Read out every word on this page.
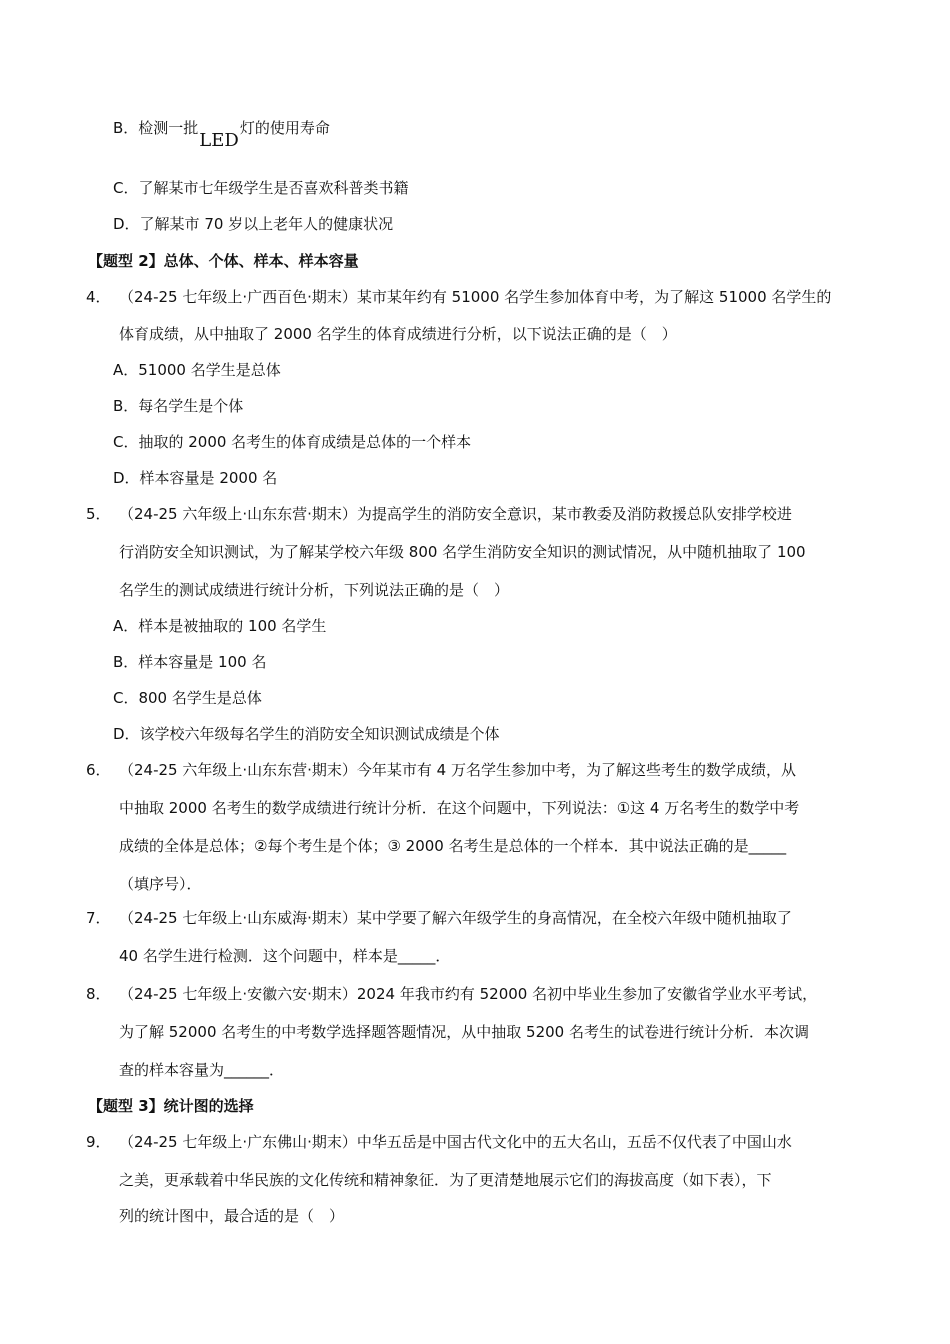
B．检测一批LED灯的使用寿命
C．了解某市七年级学生是否喜欢科普类书籍
D．了解某市 70 岁以上老年人的健康状况
【题型 2】总体、个体、样本、样本容量
4． （24-25 七年级上·广西百色·期末）某市某年约有 51000 名学生参加体育中考，为了解这 51000 名学生的
体育成绩，从中抽取了 2000 名学生的体育成绩进行分析，以下说法正确的是（　）
A．51000 名学生是总体
B．每名学生是个体
C．抽取的 2000 名考生的体育成绩是总体的一个样本
D．样本容量是 2000 名
5． （24-25 六年级上·山东东营·期末）为提高学生的消防安全意识，某市教委及消防救援总队安排学校进
行消防安全知识测试，为了解某学校六年级 800 名学生消防安全知识的测试情况，从中随机抽取了 100
名学生的测试成绩进行统计分析，下列说法正确的是（　）
A．样本是被抽取的 100 名学生
B．样本容量是 100 名
C．800 名学生是总体
D．该学校六年级每名学生的消防安全知识测试成绩是个体
6． （24-25 六年级上·山东东营·期末）今年某市有 4 万名学生参加中考，为了解这些考生的数学成绩，从
中抽取 2000 名考生的数学成绩进行统计分析．在这个问题中，下列说法：①这 4 万名考生的数学中考
成绩的全体是总体；②每个考生是个体；③ 2000 名考生是总体的一个样本．其中说法正确的是_____
（填序号）．
7． （24-25 七年级上·山东威海·期末）某中学要了解六年级学生的身高情况，在全校六年级中随机抽取了
40 名学生进行检测．这个问题中，样本是_____．
8． （24-25 七年级上·安徽六安·期末）2024 年我市约有 52000 名初中毕业生参加了安徽省学业水平考试，
为了解 52000 名考生的中考数学选择题答题情况，从中抽取 5200 名考生的试卷进行统计分析．本次调
查的样本容量为______．
【题型 3】统计图的选择
9． （24-25 七年级上·广东佛山·期末）中华五岳是中国古代文化中的五大名山，五岳不仅代表了中国山水
之美，更承载着中华民族的文化传统和精神象征．为了更清楚地展示它们的海拔高度（如下表），下
列的统计图中，最合适的是（　）
